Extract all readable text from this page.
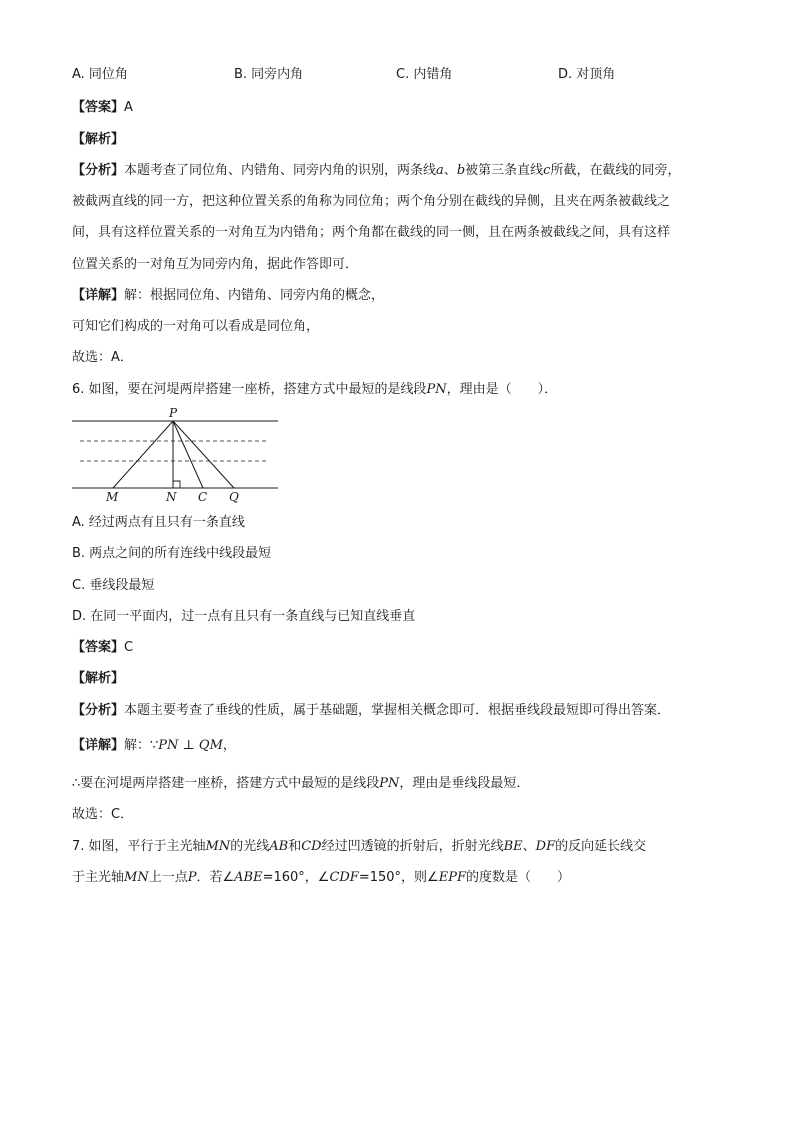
A. 同位角	B. 同旁内角	C. 内错角	D. 对顶角
【答案】A
【解析】
【分析】本题考查了同位角、内错角、同旁内角的识别，两条线a、b被第三条直线c所截，在截线的同旁，
被截两直线的同一方，把这种位置关系的角称为同位角；两个角分别在截线的异侧，且夹在两条被截线之
间，具有这样位置关系的一对角互为内错角；两个角都在截线的同一侧，且在两条被截线之间，具有这样
位置关系的一对角互为同旁内角，据此作答即可．
【详解】解：根据同位角、内错角、同旁内角的概念，
可知它们构成的一对角可以看成是同位角，
故选：A．
6. 如图，要在河堤两岸搭建一座桥，搭建方式中最短的是线段PN，理由是（　　）．
P
M	N C Q
A. 经过两点有且只有一条直线
B. 两点之间的所有连线中线段最短
C. 垂线段最短
D. 在同一平面内，过一点有且只有一条直线与已知直线垂直
【答案】C
【解析】
【分析】本题主要考查了垂线的性质，属于基础题，掌握相关概念即可．根据垂线段最短即可得出答案．
【详解】解：∵PN ⊥ QM，
∴要在河堤两岸搭建一座桥，搭建方式中最短的是线段PN，理由是垂线段最短．
故选：C．
7. 如图，平行于主光轴MN的光线AB和CD经过凹透镜的折射后，折射光线BE、DF的反向延长线交
于主光轴MN上一点P．若∠ABE=160°，∠CDF=150°，则∠EPF的度数是（　　）
